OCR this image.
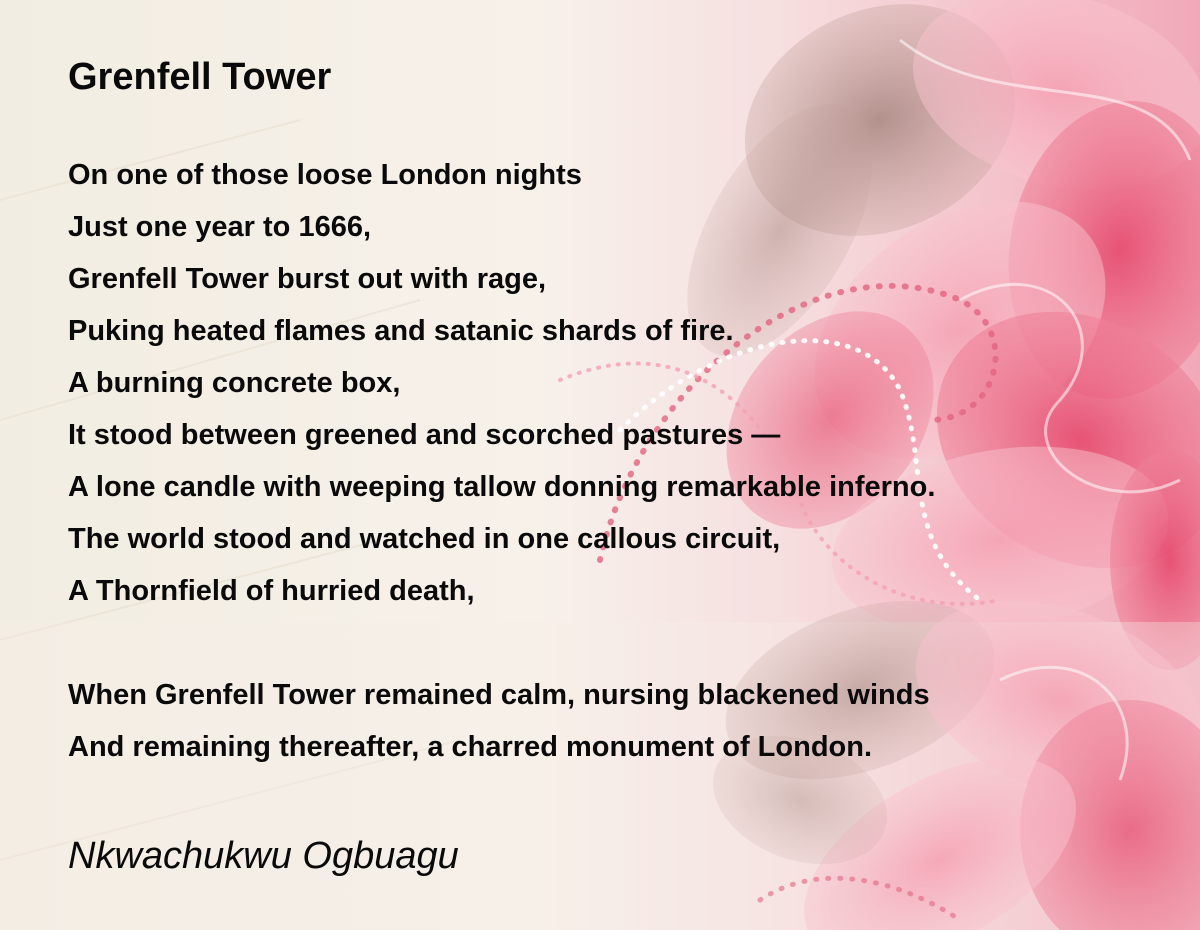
Grenfell Tower

On one of those loose London nights

Just one year to 1666,

Grenfell Tower burst out with rage,

Puking heated flames and satanic shards of fire.

A burning concrete box,

It stood between greened and scorched pastures —

A lone candle with weeping tallow donning remarkable inferno.

The world stood and watched in one callous circuit,

A Thornfield of hurried death,

When Grenfell Tower remained calm, nursing blackened winds

And remaining thereafter, a charred monument of London.

Nkwachukwu Ogbuagu
